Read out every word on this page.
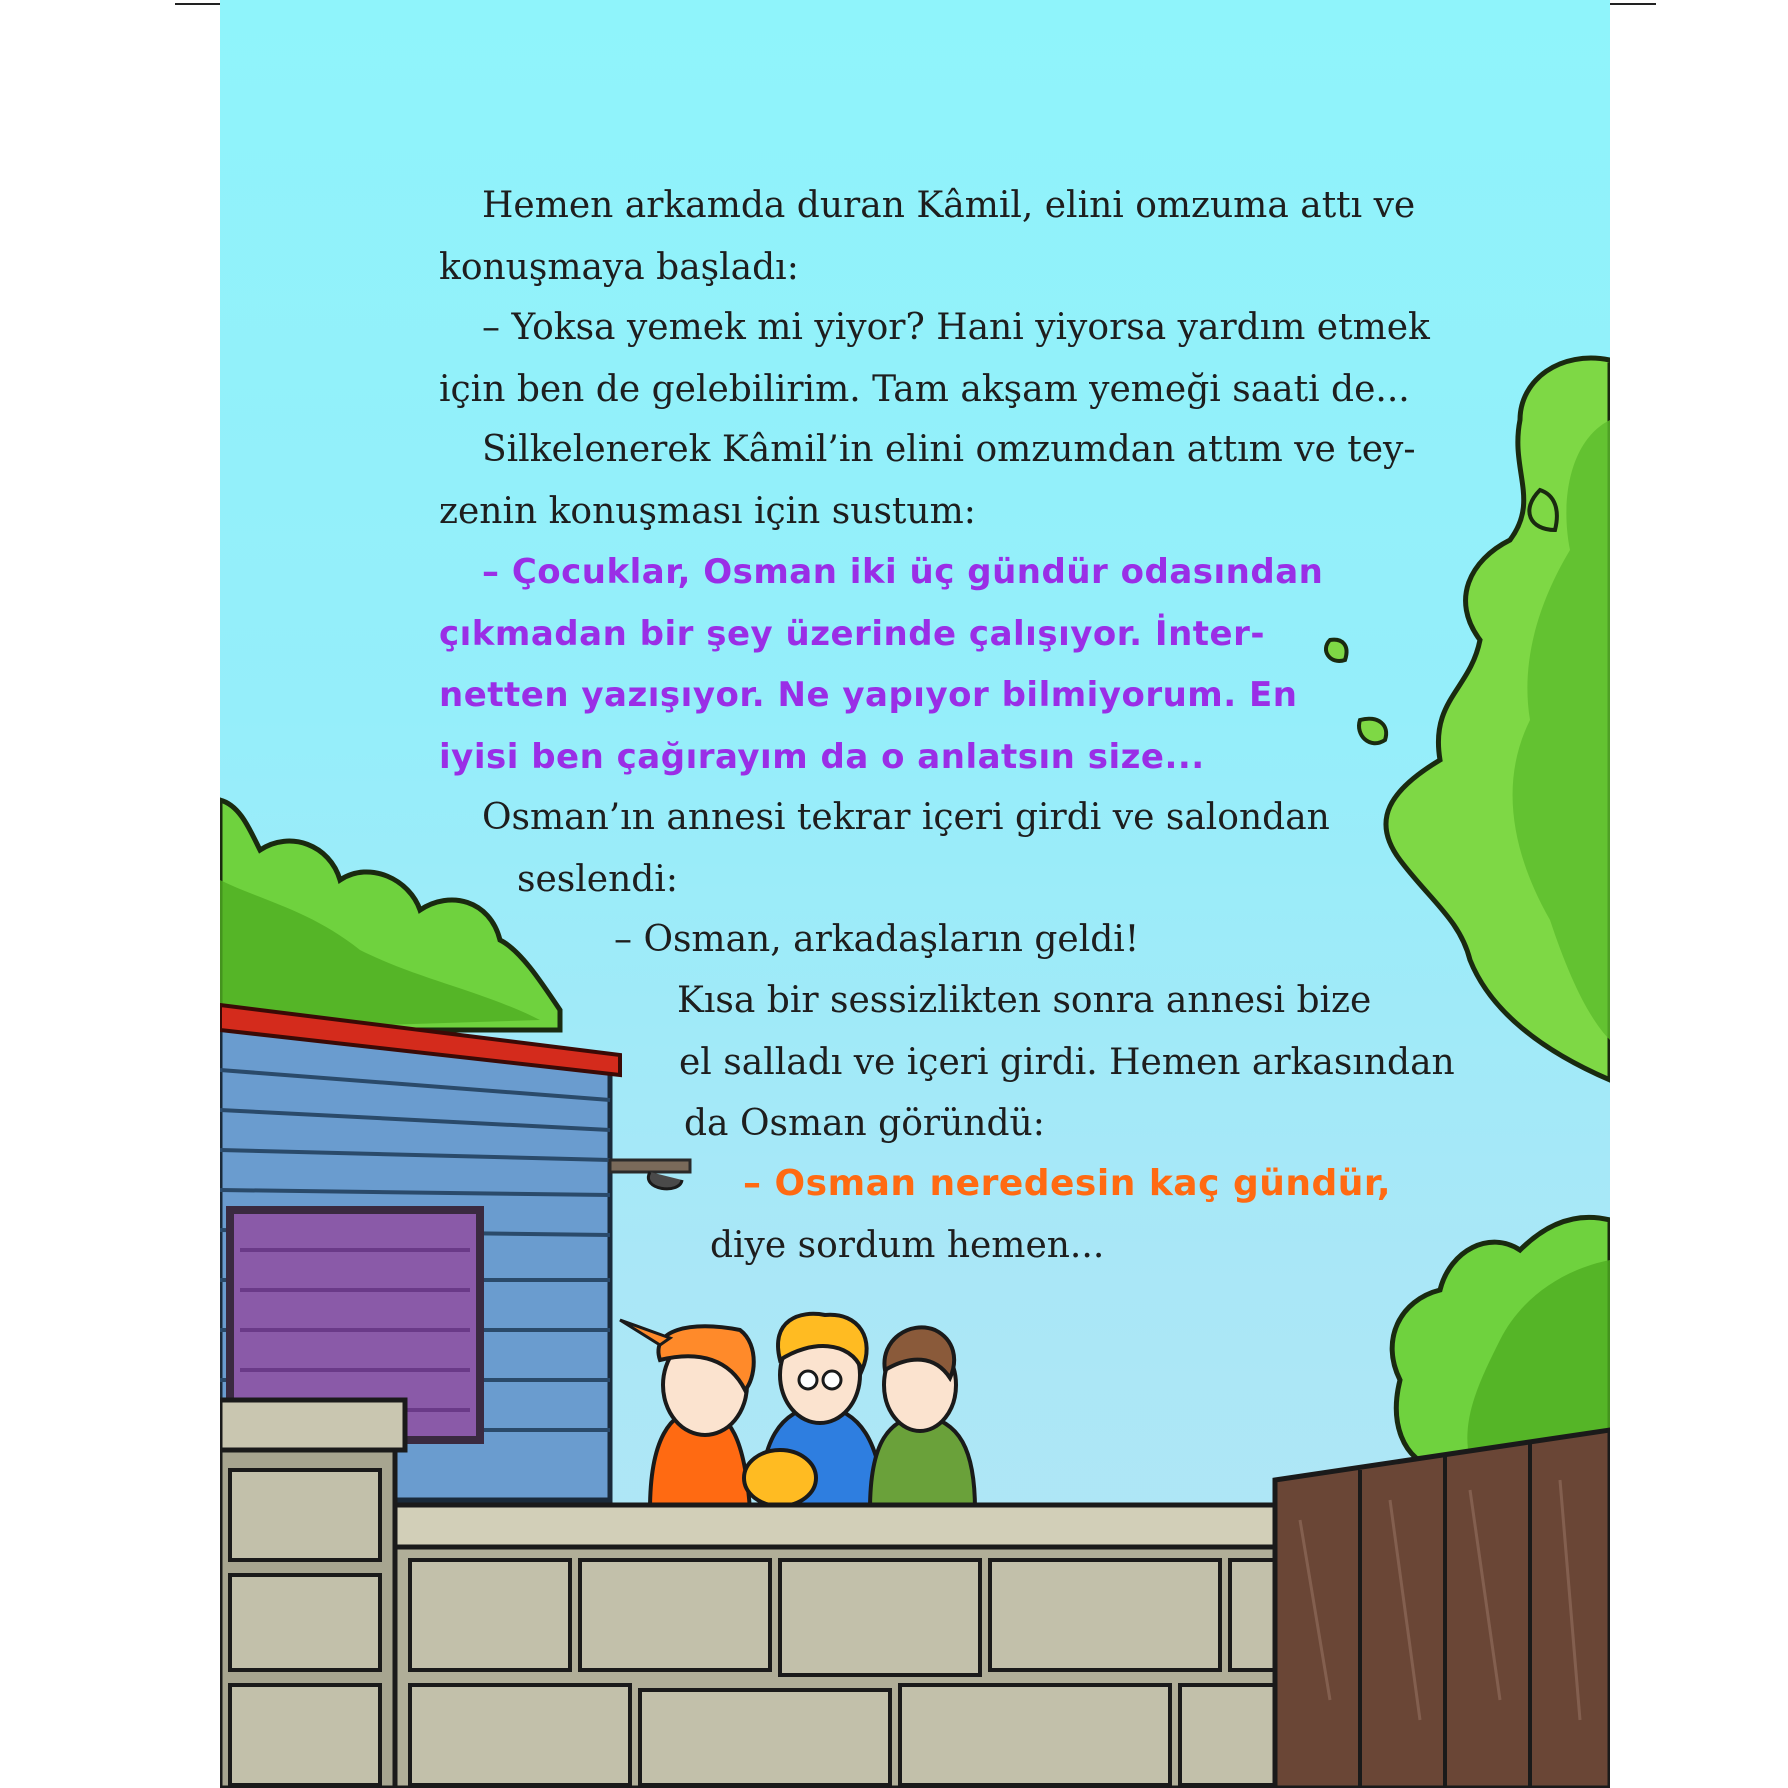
Hemen arkamda duran Kâmil, elini omzuma attı ve
konuşmaya başladı:
– Yoksa yemek mi yiyor? Hani yiyorsa yardım etmek
için ben de gelebilirim. Tam akşam yemeği saati de...
Silkelenerek Kâmil’in elini omzumdan attım ve tey-
zenin konuşması için sustum:
– Çocuklar, Osman iki üç gündür odasından
çıkmadan bir şey üzerinde çalışıyor. İnter-
netten yazışıyor. Ne yapıyor bilmiyorum. En
iyisi ben çağırayım da o anlatsın size...
Osman’ın annesi tekrar içeri girdi ve salondan
seslendi:
– Osman, arkadaşların geldi!
Kısa bir sessizlikten sonra annesi bize
el salladı ve içeri girdi. Hemen arkasından
da Osman göründü:
– Osman neredesin kaç gündür,
diye sordum hemen...
